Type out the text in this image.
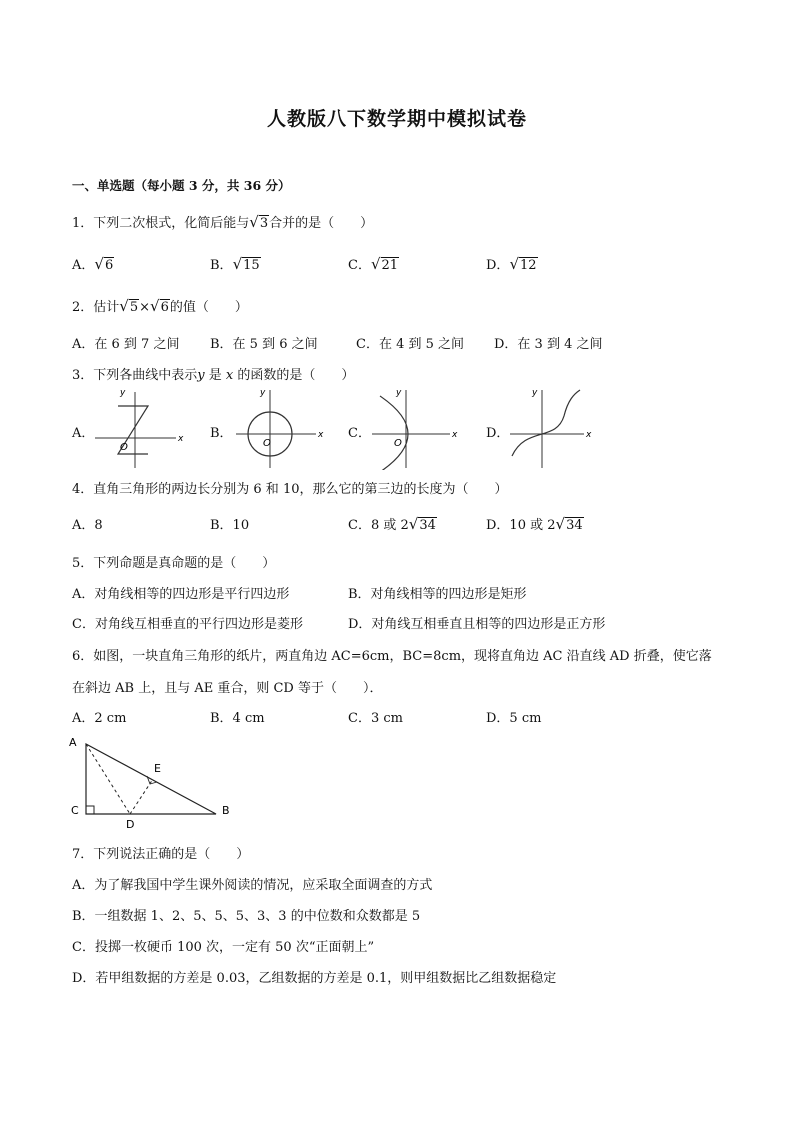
人教版八下数学期中模拟试卷
一、单选题（每小题 3 分，共 36 分）
1．下列二次根式，化简后能与√3合并的是（　　）
A．√6	B．√15	C．√21	D．√12
2．估计√5×√6的值（　　）
A．在 6 到 7 之间 B．在 5 到 6 之间	C．在 4 到 5 之间 D．在 3 到 4 之间
3．下列各曲线中表示y 是 x 的函数的是（　　）
A．	x
y
O
B．	x
y
O
C．	x
y
O
D．	x
y
4．直角三角形的两边长分别为 6 和 10，那么它的第三边的长度为（　　）
A．8	B．10	C．8 或 2√34	D．10 或 2√34
5．下列命题是真命题的是（　　）
A．对角线相等的四边形是平行四边形	B．对角线相等的四边形是矩形
C．对角线互相垂直的平行四边形是菱形	D．对角线互相垂直且相等的四边形是正方形
6．如图，一块直角三角形的纸片，两直角边 AC=6cm，BC=8cm，现将直角边 AC 沿直线 AD 折叠，使它落
在斜边 AB 上，且与 AE 重合，则 CD 等于（　　）．
A．2 cm	B．4 cm	C．3 cm	D．5 cm
A
C	B
D
E
7．下列说法正确的是（　　）
A．为了解我国中学生课外阅读的情况，应采取全面调查的方式
B．一组数据 1、2、5、5、5、3、3 的中位数和众数都是 5
C．投掷一枚硬币 100 次，一定有 50 次“正面朝上”
D．若甲组数据的方差是 0.03，乙组数据的方差是 0.1，则甲组数据比乙组数据稳定
